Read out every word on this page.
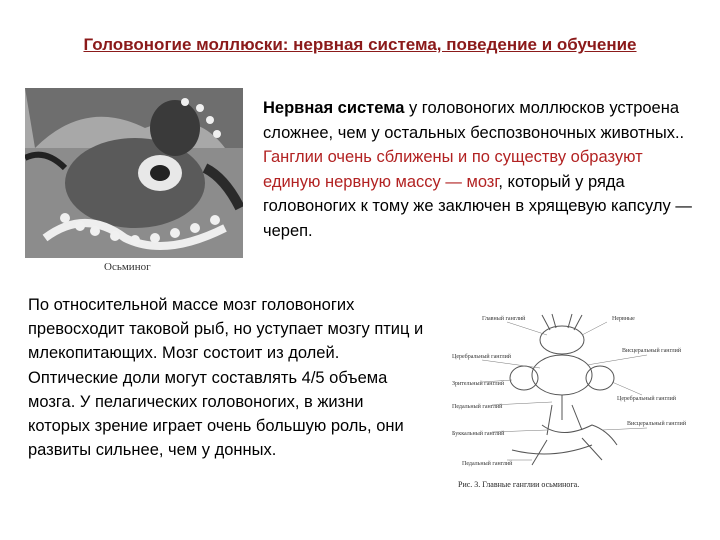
Головоногие моллюски: нервная система, поведение и обучение
Осьминог
Нервная система у головоногих моллюсков устроена сложнее, чем у остальных беспозвоночных животных.. Ганглии очень сближены и по существу образуют единую нервную массу — мозг, который у ряда головоногих к тому же заключен в хрящевую капсулу — череп.
По относительной массе мозг головоногих превосходит таковой рыб, но уступает мозгу птиц и млекопитающих. Мозг состоит из долей. Оптические доли могут составлять 4/5 объема мозга. У пелагических головоногих, в жизни которых зрение играет очень большую роль, они развиты сильнее, чем у донных.
Главный ганглий	Нервные
Церебральный ганглий
Зрительный ганглий
Висцеральный ганглий
Церебральный ганглий
Педальный ганглий
Буккальный ганглий
Висцеральный ганглий
Педальный ганглий
Рис. 3. Главные ганглии осьминога.
